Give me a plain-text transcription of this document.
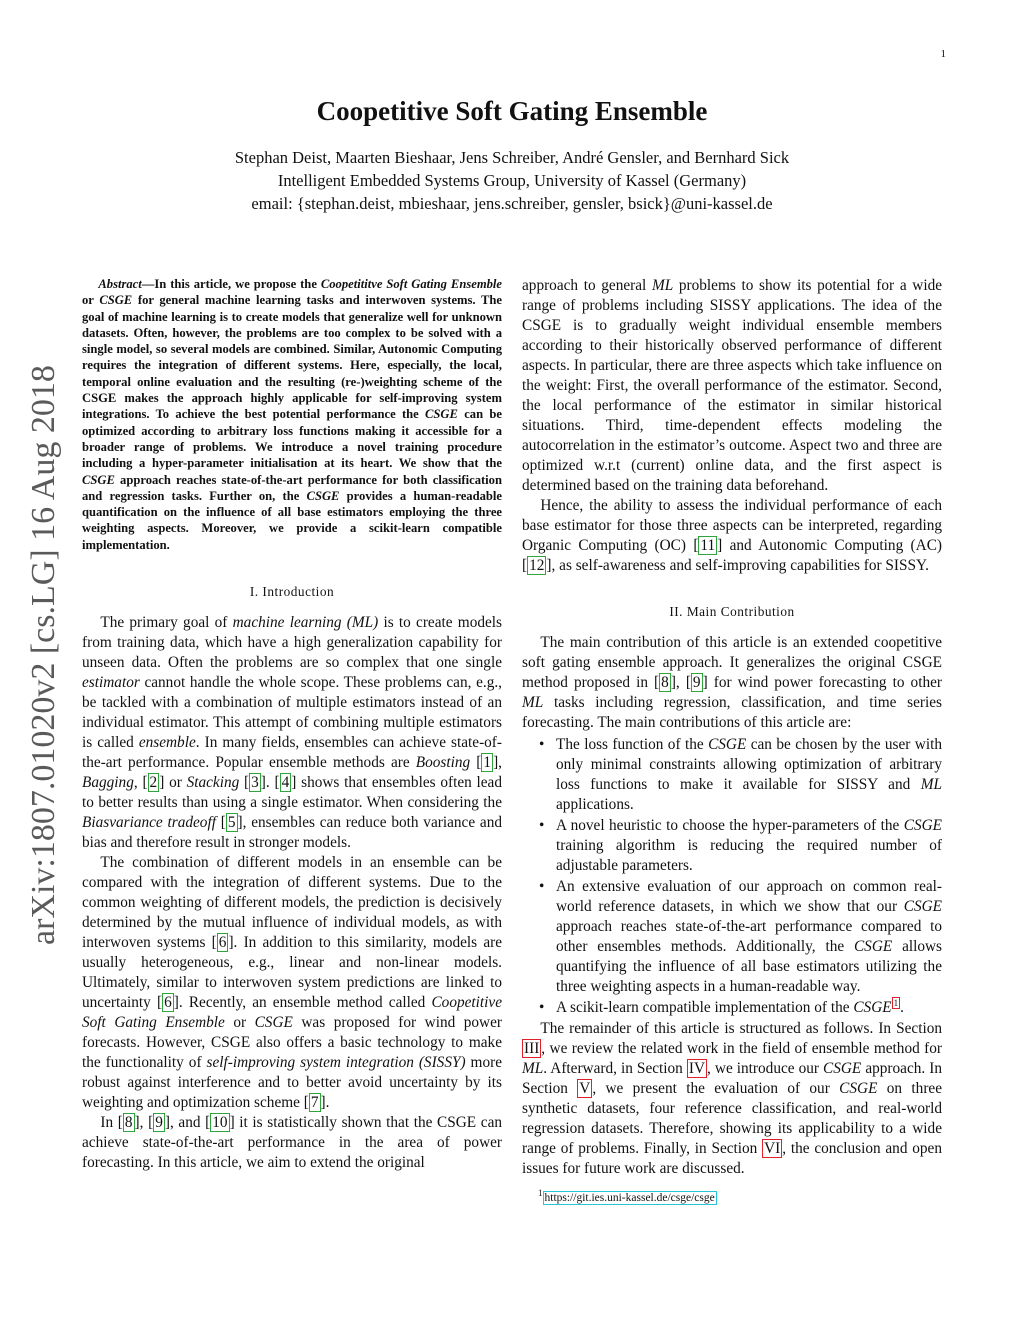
1
arXiv:1807.01020v2 [cs.LG] 16 Aug 2018
Coopetitive Soft Gating Ensemble
Stephan Deist, Maarten Bieshaar, Jens Schreiber, André Gensler, and Bernhard Sick
Intelligent Embedded Systems Group, University of Kassel (Germany)
email: {stephan.deist, mbieshaar, jens.schreiber, gensler, bsick}@uni-kassel.de

Abstract—In this article, we propose the Coopetititve Soft Gating Ensemble or CSGE for general machine learning tasks and interwoven systems. The goal of machine learning is to create models that generalize well for unknown datasets. Often, however, the problems are too complex to be solved with a single model, so several models are combined. Similar, Autonomic Computing requires the integration of different systems. Here, especially, the local, temporal online evaluation and the resulting (re-)weighting scheme of the CSGE makes the approach highly applicable for self-improving system integrations. To achieve the best potential performance the CSGE can be optimized according to arbitrary loss functions making it accessible for a broader range of problems. We introduce a novel training procedure including a hyper-parameter initialisation at its heart. We show that the CSGE approach reaches state-of-the-art performance for both classification and regression tasks. Further on, the CSGE provides a human-readable quantification on the influence of all base estimators employing the three weighting aspects. Moreover, we provide a scikit-learn compatible implementation.

I. Introduction

The primary goal of machine learning (ML) is to create models from training data, which have a high generalization capability for unseen data. Often the problems are so complex that one single estimator cannot handle the whole scope. These problems can, e.g., be tackled with a combination of multiple estimators instead of an individual estimator. This attempt of combining multiple estimators is called ensemble. In many fields, ensembles can achieve state-of-the-art performance. Popular ensemble methods are Boosting [ 1 ], Bagging, [ 2 ] or Stacking [ 3 ]. [ 4 ] shows that ensembles often lead to better results than using a single estimator. When considering the Biasvariance tradeoff [ 5 ], ensembles can reduce both variance and bias and therefore result in stronger models.

The combination of different models in an ensemble can be compared with the integration of different systems. Due to the common weighting of different models, the prediction is decisively determined by the mutual influence of individual models, as with interwoven systems [ 6 ]. In addition to this similarity, models are usually heterogeneous, e.g., linear and non-linear models. Ultimately, similar to interwoven system predictions are linked to uncertainty [ 6 ]. Recently, an ensemble method called Coopetitive Soft Gating Ensemble or CSGE was proposed for wind power forecasts. However, CSGE also offers a basic technology to make the functionality of self-improving system integration (SISSY) more robust against interference and to better avoid uncertainty by its weighting and optimization scheme [ 7 ].

In [ 8 ], [ 9 ], and [ 10 ] it is statistically shown that the CSGE can achieve state-of-the-art performance in the area of power forecasting. In this article, we aim to extend the original

approach to general ML problems to show its potential for a wide range of problems including SISSY applications. The idea of the CSGE is to gradually weight individual ensemble members according to their historically observed performance of different aspects. In particular, there are three aspects which take influence on the weight: First, the overall performance of the estimator. Second, the local performance of the estimator in similar historical situations. Third, time-dependent effects modeling the autocorrelation in the estimator’s outcome. Aspect two and three are optimized w.r.t (current) online data, and the first aspect is determined based on the training data beforehand.

Hence, the ability to assess the individual performance of each base estimator for those three aspects can be interpreted, regarding Organic Computing (OC) [ 11 ] and Autonomic Computing (AC) [ 12 ], as self-awareness and self-improving capabilities for SISSY.

II. Main Contribution

The main contribution of this article is an extended coopetitive soft gating ensemble approach. It generalizes the original CSGE method proposed in [ 8 ], [ 9 ] for wind power forecasting to other ML tasks including regression, classification, and time series forecasting. The main contributions of this article are:

• The loss function of the CSGE can be chosen by the user with only minimal constraints allowing optimization of arbitrary loss functions to make it available for SISSY and ML applications.
• A novel heuristic to choose the hyper-parameters of the CSGE training algorithm is reducing the required number of adjustable parameters.
• An extensive evaluation of our approach on common real-world reference datasets, in which we show that our CSGE approach reaches state-of-the-art performance compared to other ensembles methods. Additionally, the CSGE allows quantifying the influence of all base estimators utilizing the three weighting aspects in a human-readable way.
• A scikit-learn compatible implementation of the CSGE $^1$ .

The remainder of this article is structured as follows. In Section III , we review the related work in the field of ensemble method for ML. Afterward, in Section IV , we introduce our CSGE approach. In Section V , we present the evaluation of our CSGE on three synthetic datasets, four reference classification, and real-world regression datasets. Therefore, showing its applicability to a wide range of problems. Finally, in Section VI , the conclusion and open issues for future work are discussed.

$^1$ https://git.ies.uni-kassel.de/csge/csge
